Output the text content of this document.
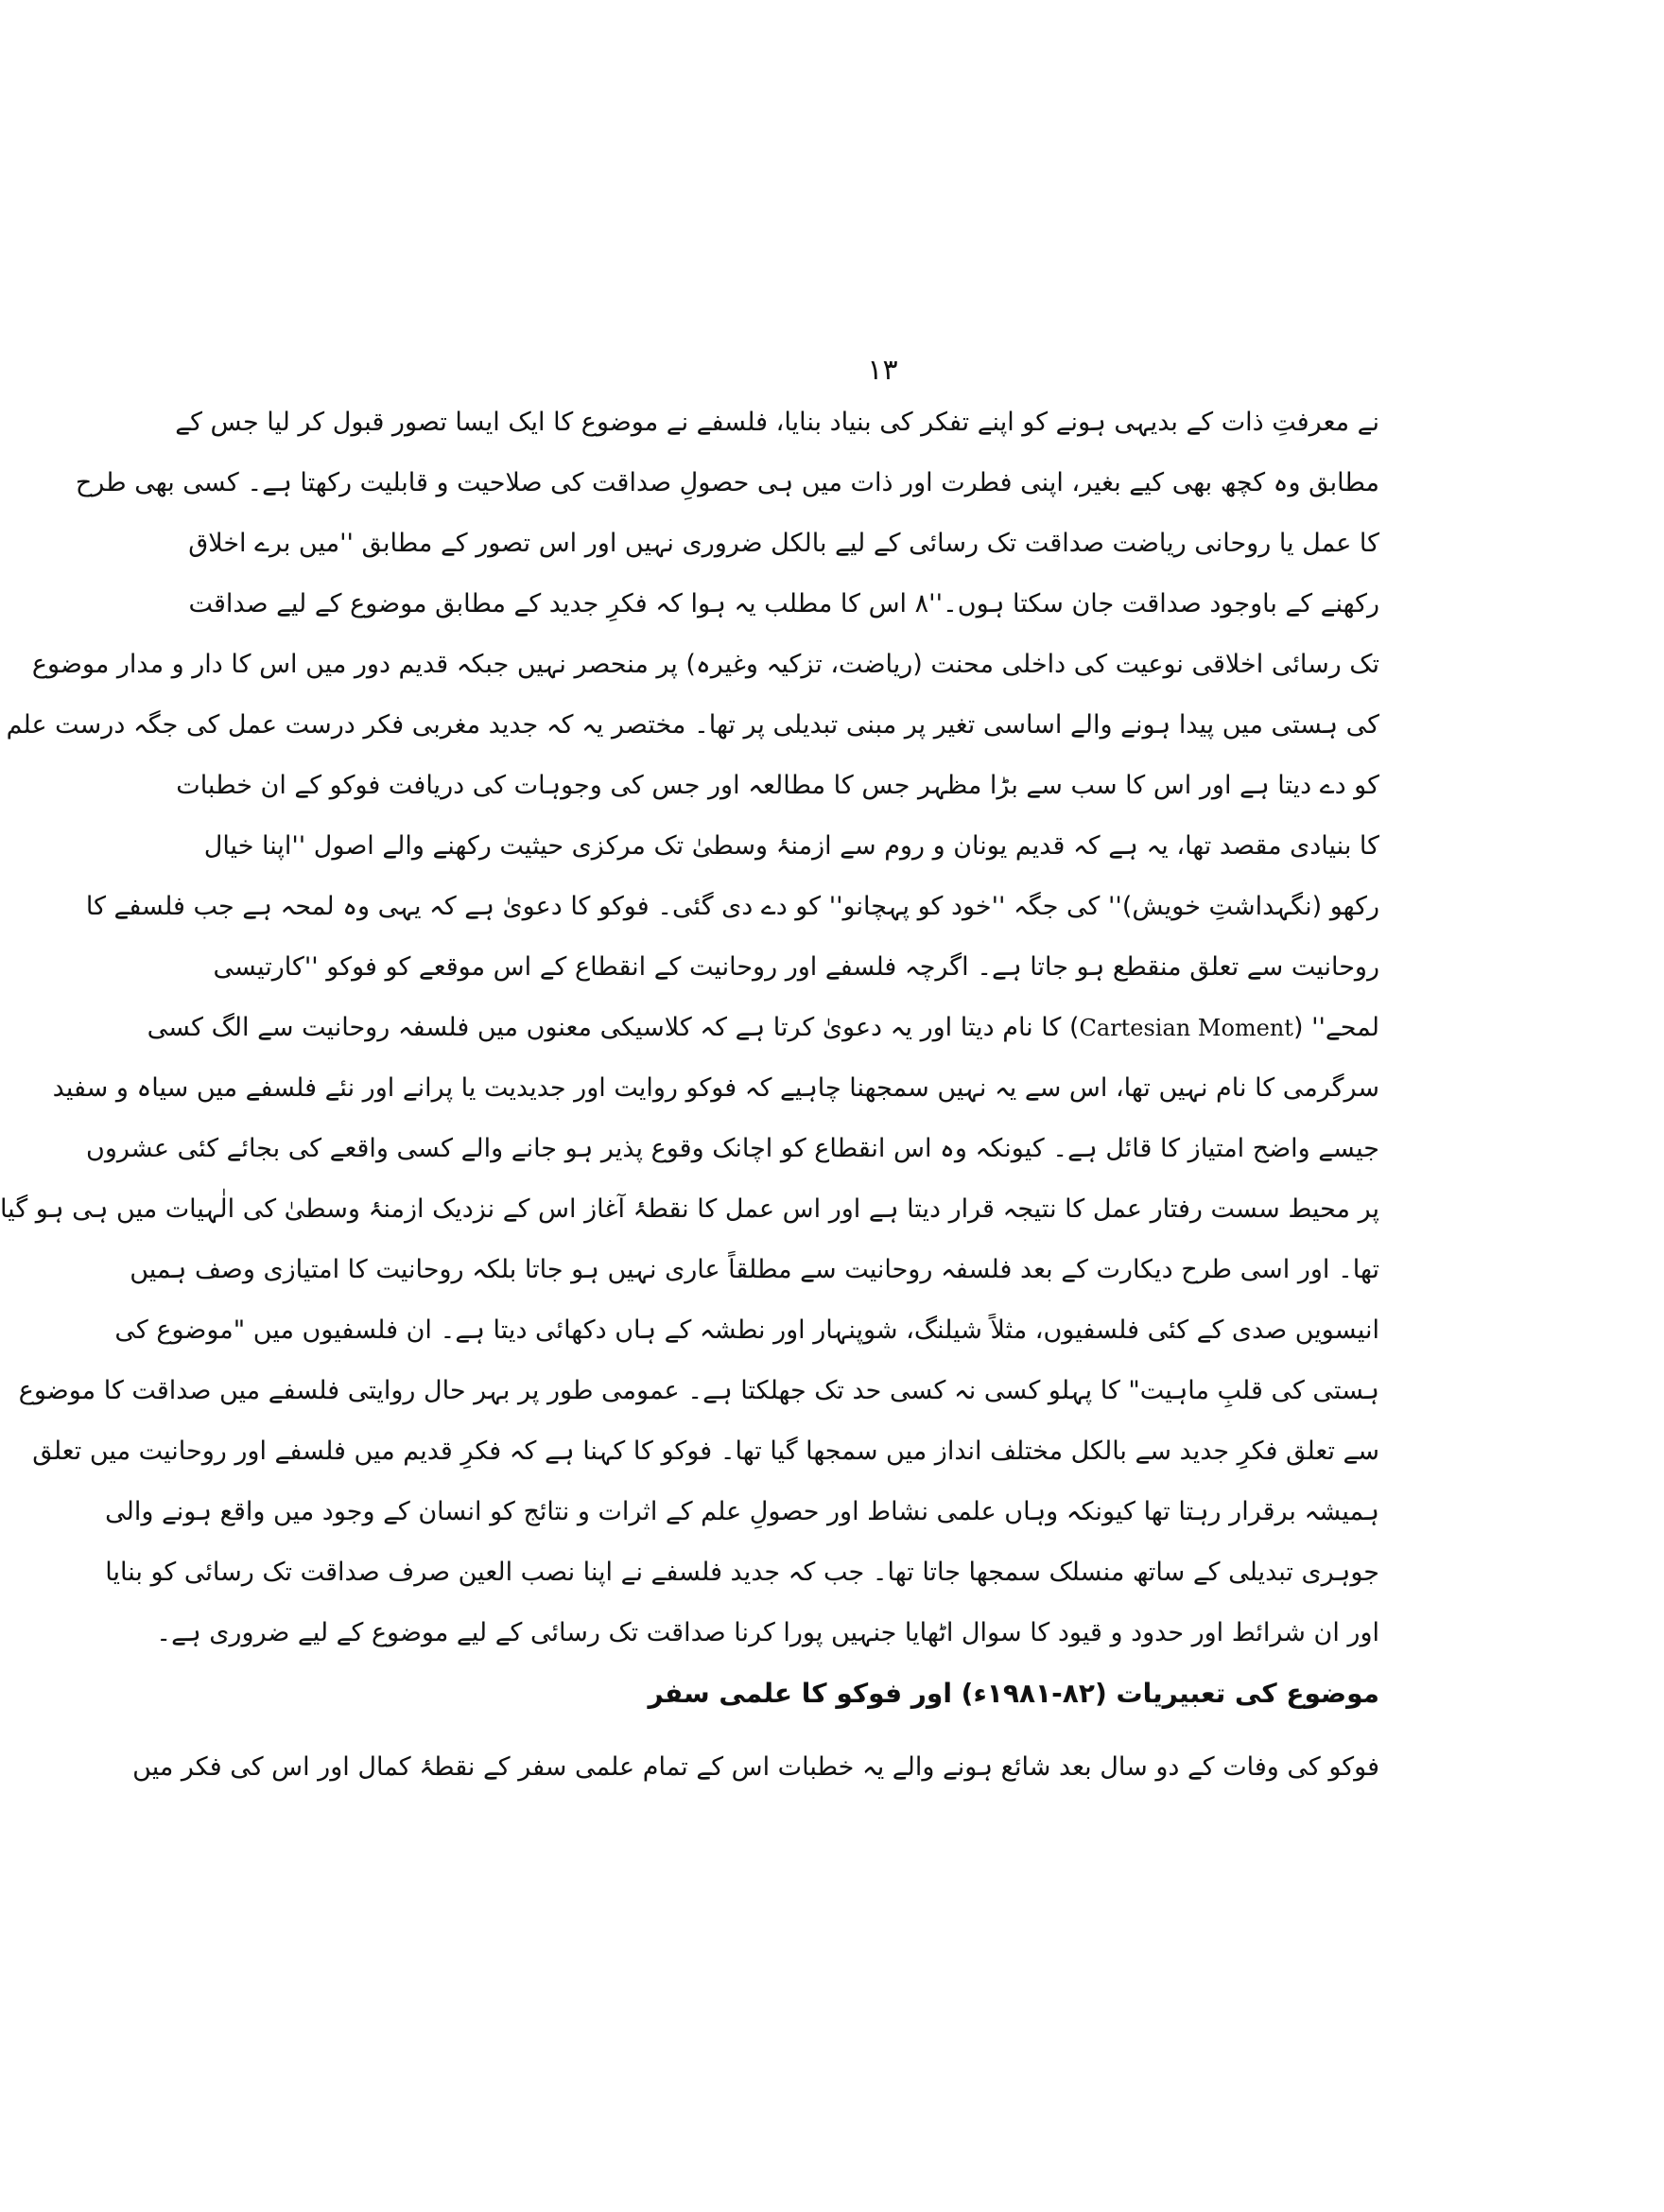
۱۳
نے معرفتِ ذات کے بدیہی ہونے کو اپنے تفکر کی بنیاد بنایا، فلسفے نے موضوع کا ایک ایسا تصور قبول کر لیا جس کے
مطابق وہ کچھ بھی کیے بغیر، اپنی فطرت اور ذات میں ہی حصولِ صداقت کی صلاحیت و قابلیت رکھتا ہے۔ کسی بھی طرح
کا عمل یا روحانی ریاضت صداقت تک رسائی کے لیے بالکل ضروری نہیں اور اس تصور کے مطابق ''میں برے اخلاق
رکھنے کے باوجود صداقت جان سکتا ہوں۔''۸ اس کا مطلب یہ ہوا کہ فکرِ جدید کے مطابق موضوع کے لیے صداقت
تک رسائی اخلاقی نوعیت کی داخلی محنت (ریاضت، تزکیہ وغیرہ) پر منحصر نہیں جبکہ قدیم دور میں اس کا دار و مدار موضوع
کی ہستی میں پیدا ہونے والے اساسی تغیر پر مبنی تبدیلی پر تھا۔ مختصر یہ کہ جدید مغربی فکر درست عمل کی جگہ درست علم
کو دے دیتا ہے اور اس کا سب سے بڑا مظہر جس کا مطالعہ اور جس کی وجوہات کی دریافت فوکو کے ان خطبات
کا بنیادی مقصد تھا، یہ ہے کہ قدیم یونان و روم سے ازمنۂ وسطیٰ تک مرکزی حیثیت رکھنے والے اصول ''اپنا خیال
رکھو (نگہداشتِ خویش)'' کی جگہ ''خود کو پہچانو'' کو دے دی گئی۔ فوکو کا دعویٰ ہے کہ یہی وہ لمحہ ہے جب فلسفے کا
روحانیت سے تعلق منقطع ہو جاتا ہے۔ اگرچہ فلسفے اور روحانیت کے انقطاع کے اس موقعے کو فوکو ''کارتیسی
لمحے'' (Cartesian Moment) کا نام دیتا اور یہ دعویٰ کرتا ہے کہ کلاسیکی معنوں میں فلسفہ روحانیت سے الگ کسی
سرگرمی کا نام نہیں تھا، اس سے یہ نہیں سمجھنا چاہیے کہ فوکو روایت اور جدیدیت یا پرانے اور نئے فلسفے میں سیاہ و سفید
جیسے واضح امتیاز کا قائل ہے۔ کیونکہ وہ اس انقطاع کو اچانک وقوع پذیر ہو جانے والے کسی واقعے کی بجائے کئی عشروں
پر محیط سست رفتار عمل کا نتیجہ قرار دیتا ہے اور اس عمل کا نقطۂ آغاز اس کے نزدیک ازمنۂ وسطیٰ کی الٰہیات میں ہی ہو گیا
تھا۔ اور اسی طرح دیکارت کے بعد فلسفہ روحانیت سے مطلقاً عاری نہیں ہو جاتا بلکہ روحانیت کا امتیازی وصف ہمیں
انیسویں صدی کے کئی فلسفیوں، مثلاً شیلنگ، شوپنہار اور نطشہ کے ہاں دکھائی دیتا ہے۔ ان فلسفیوں میں "موضوع کی
ہستی کی قلبِ ماہیت" کا پہلو کسی نہ کسی حد تک جھلکتا ہے۔ عمومی طور پر بہر حال روایتی فلسفے میں صداقت کا موضوع
سے تعلق فکرِ جدید سے بالکل مختلف انداز میں سمجھا گیا تھا۔ فوکو کا کہنا ہے کہ فکرِ قدیم میں فلسفے اور روحانیت میں تعلق
ہمیشہ برقرار رہتا تھا کیونکہ وہاں علمی نشاط اور حصولِ علم کے اثرات و نتائج کو انسان کے وجود میں واقع ہونے والی
جوہری تبدیلی کے ساتھ منسلک سمجھا جاتا تھا۔ جب کہ جدید فلسفے نے اپنا نصب العین صرف صداقت تک رسائی کو بنایا
اور ان شرائط اور حدود و قیود کا سوال اٹھایا جنہیں پورا کرنا صداقت تک رسائی کے لیے موضوع کے لیے ضروری ہے۔
موضوع کی تعبیریات (۸۲-۱۹۸۱ء) اور فوکو کا علمی سفر
فوکو کی وفات کے دو سال بعد شائع ہونے والے یہ خطبات اس کے تمام علمی سفر کے نقطۂ کمال اور اس کی فکر میں
